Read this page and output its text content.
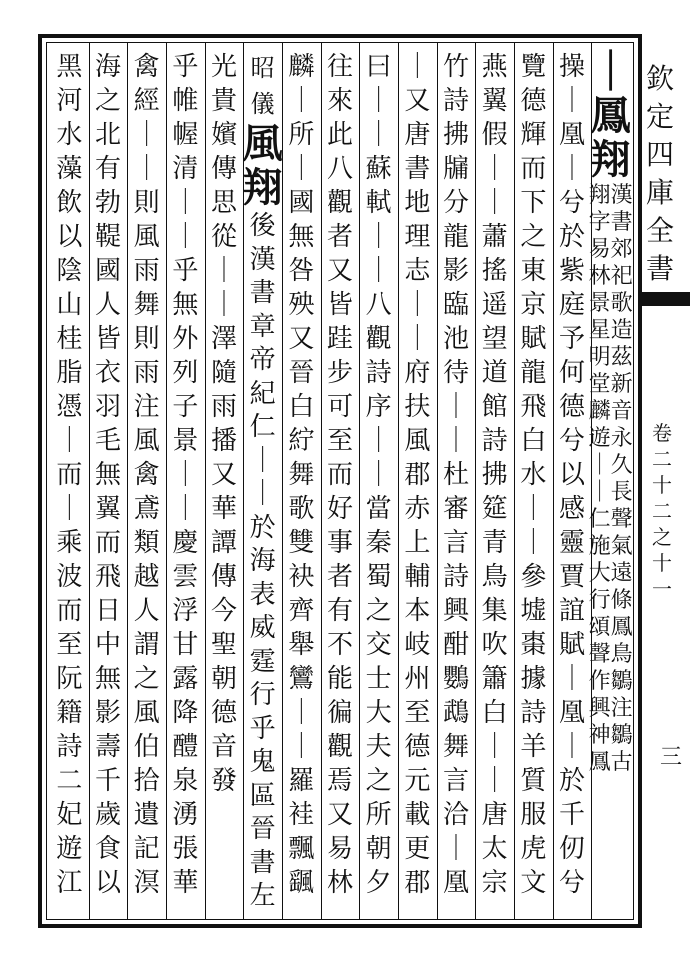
欽
定
四
庫
全
書
卷
二
十
二
之
十
一
三
｜
鳳
翔
漢
書
郊
祀
歌
造
茲
新
音
永
久
長
聲
氣
遠
條
鳳
鳥
鶵
注
鶵
古
翔
字
易
林
景
星
明
堂
麟
遊
｜
｜
仁
施
大
行
頌
聲
作
興
神
鳳
操
｜
凰
｜
兮
於
紫
庭
予
何
德
兮
以
感
靈
賈
誼
賦
｜
凰
｜
於
千
仞
兮
覽
德
輝
而
下
之
東
京
賦
龍
飛
白
水
｜
｜
參
墟
棗
據
詩
羊
質
服
虎
文
燕
翼
假
｜
｜
蕭
搖
遥
望
道
館
詩
拂
筵
青
鳥
集
吹
簫
白
｜
｜
唐
太
宗
竹
詩
拂
牖
分
龍
影
臨
池
待
｜
｜
杜
審
言
詩
興
酣
鸚
鵡
舞
言
洽
｜
凰
｜
又
唐
書
地
理
志
｜
｜
府
扶
風
郡
赤
上
輔
本
岐
州
至
德
元
載
更
郡
曰
｜
｜
蘇
軾
｜
｜
八
觀
詩
序
｜
｜
當
秦
蜀
之
交
士
大
夫
之
所
朝
夕
往
來
此
八
觀
者
又
皆
跬
步
可
至
而
好
事
者
有
不
能
徧
觀
焉
又
易
林
麟
｜
所
｜
國
無
咎
殃
又
晉
白
紵
舞
歌
雙
袂
齊
舉
鸞
｜
｜
羅
袿
飄
颻
昭
儀
風
翔
後
漢
書
章
帝
紀
仁
｜
｜
於
海
表
威
霆
行
乎
鬼
區
晉
書
左
光
貴
嬪
傳
思
從
｜
｜
澤
隨
雨
播
又
華
譚
傳
今
聖
朝
德
音
發
乎
帷
幄
清
｜
｜
乎
無
外
列
子
景
｜
｜
慶
雲
浮
甘
露
降
醴
泉
湧
張
華
禽
經
｜
｜
則
風
雨
舞
則
雨
注
風
禽
鳶
類
越
人
謂
之
風
伯
拾
遺
記
溟
海
之
北
有
勃
鞮
國
人
皆
衣
羽
毛
無
翼
而
飛
日
中
無
影
壽
千
歲
食
以
黑
河
水
藻
飲
以
陰
山
桂
脂
憑
｜
而
｜
乘
波
而
至
阮
籍
詩
二
妃
遊
江
